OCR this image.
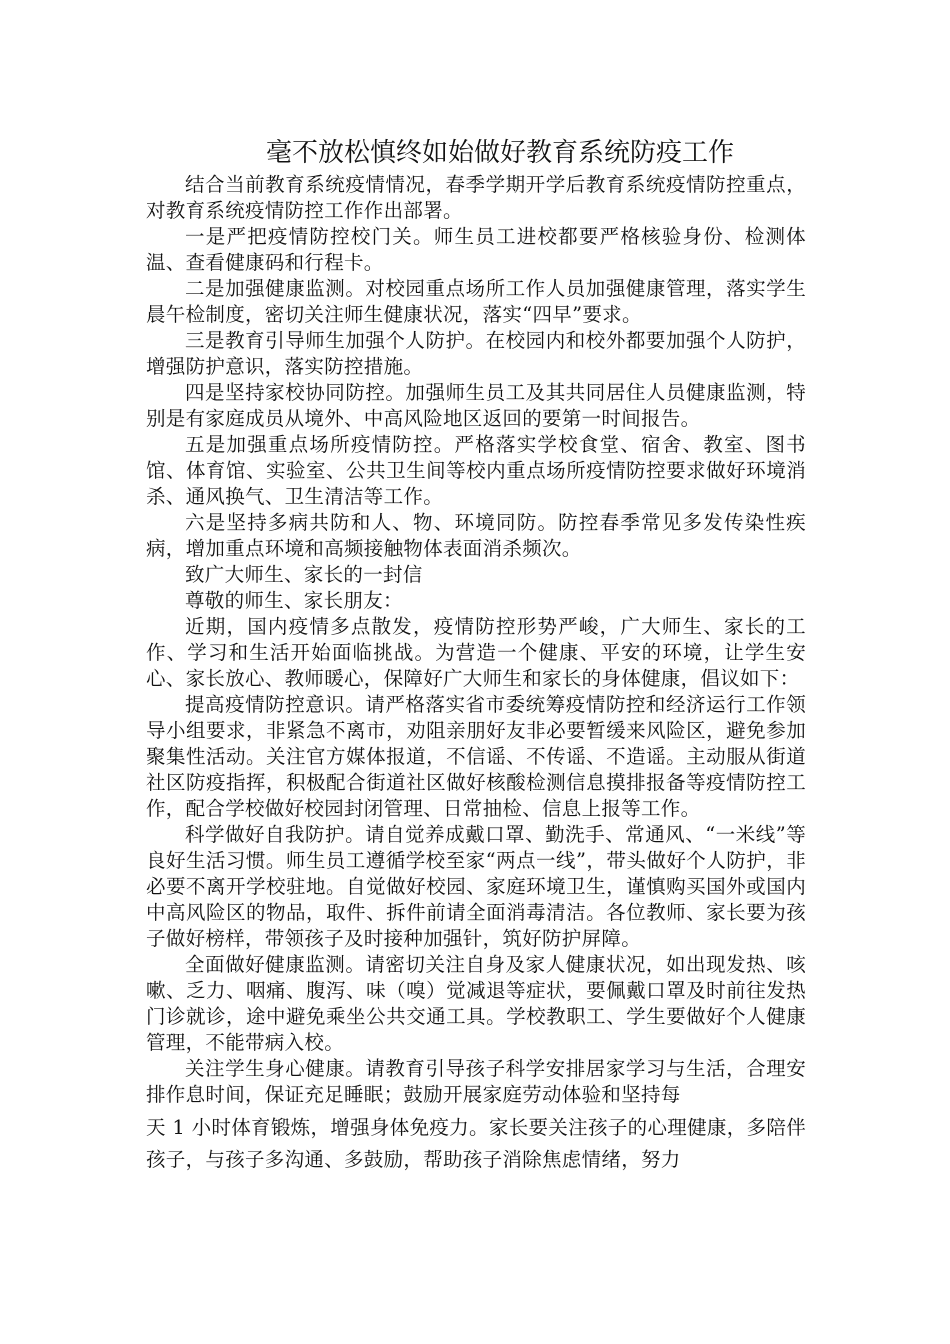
毫不放松慎终如始做好教育系统防疫工作

结合当前教育系统疫情情况，春季学期开学后教育系统疫情防控重点，对教育系统疫情防控工作作出部署。

一是严把疫情防控校门关。师生员工进校都要严格核验身份、检测体温、查看健康码和行程卡。

二是加强健康监测。对校园重点场所工作人员加强健康管理，落实学生晨午检制度，密切关注师生健康状况，落实“四早”要求。

三是教育引导师生加强个人防护。在校园内和校外都要加强个人防护，增强防护意识，落实防控措施。

四是坚持家校协同防控。加强师生员工及其共同居住人员健康监测，特别是有家庭成员从境外、中高风险地区返回的要第一时间报告。

五是加强重点场所疫情防控。严格落实学校食堂、宿舍、教室、图书馆、体育馆、实验室、公共卫生间等校内重点场所疫情防控要求做好环境消杀、通风换气、卫生清洁等工作。

六是坚持多病共防和人、物、环境同防。防控春季常见多发传染性疾病，增加重点环境和高频接触物体表面消杀频次。

致广大师生、家长的一封信

尊敬的师生、家长朋友：

近期，国内疫情多点散发，疫情防控形势严峻，广大师生、家长的工作、学习和生活开始面临挑战。为营造一个健康、平安的环境，让学生安心、家长放心、教师暖心，保障好广大师生和家长的身体健康，倡议如下：

提高疫情防控意识。请严格落实省市委统筹疫情防控和经济运行工作领导小组要求，非紧急不离市，劝阻亲朋好友非必要暂缓来风险区，避免参加聚集性活动。关注官方媒体报道，不信谣、不传谣、不造谣。主动服从街道社区防疫指挥，积极配合街道社区做好核酸检测信息摸排报备等疫情防控工作，配合学校做好校园封闭管理、日常抽检、信息上报等工作。

科学做好自我防护。请自觉养成戴口罩、勤洗手、常通风、“一米线”等良好生活习惯。师生员工遵循学校至家“两点一线”，带头做好个人防护，非必要不离开学校驻地。自觉做好校园、家庭环境卫生，谨慎购买国外或国内中高风险区的物品，取件、拆件前请全面消毒清洁。各位教师、家长要为孩子做好榜样，带领孩子及时接种加强针，筑好防护屏障。

全面做好健康监测。请密切关注自身及家人健康状况，如出现发热、咳嗽、乏力、咽痛、腹泻、味（嗅）觉减退等症状，要佩戴口罩及时前往发热门诊就诊，途中避免乘坐公共交通工具。学校教职工、学生要做好个人健康管理，不能带病入校。

关注学生身心健康。请教育引导孩子科学安排居家学习与生活，合理安排作息时间，保证充足睡眠；鼓励开展家庭劳动体验和坚持每

天 1 小时体育锻炼，增强身体免疫力。家长要关注孩子的心理健康，多陪伴孩子，与孩子多沟通、多鼓励，帮助孩子消除焦虑情绪，努力
